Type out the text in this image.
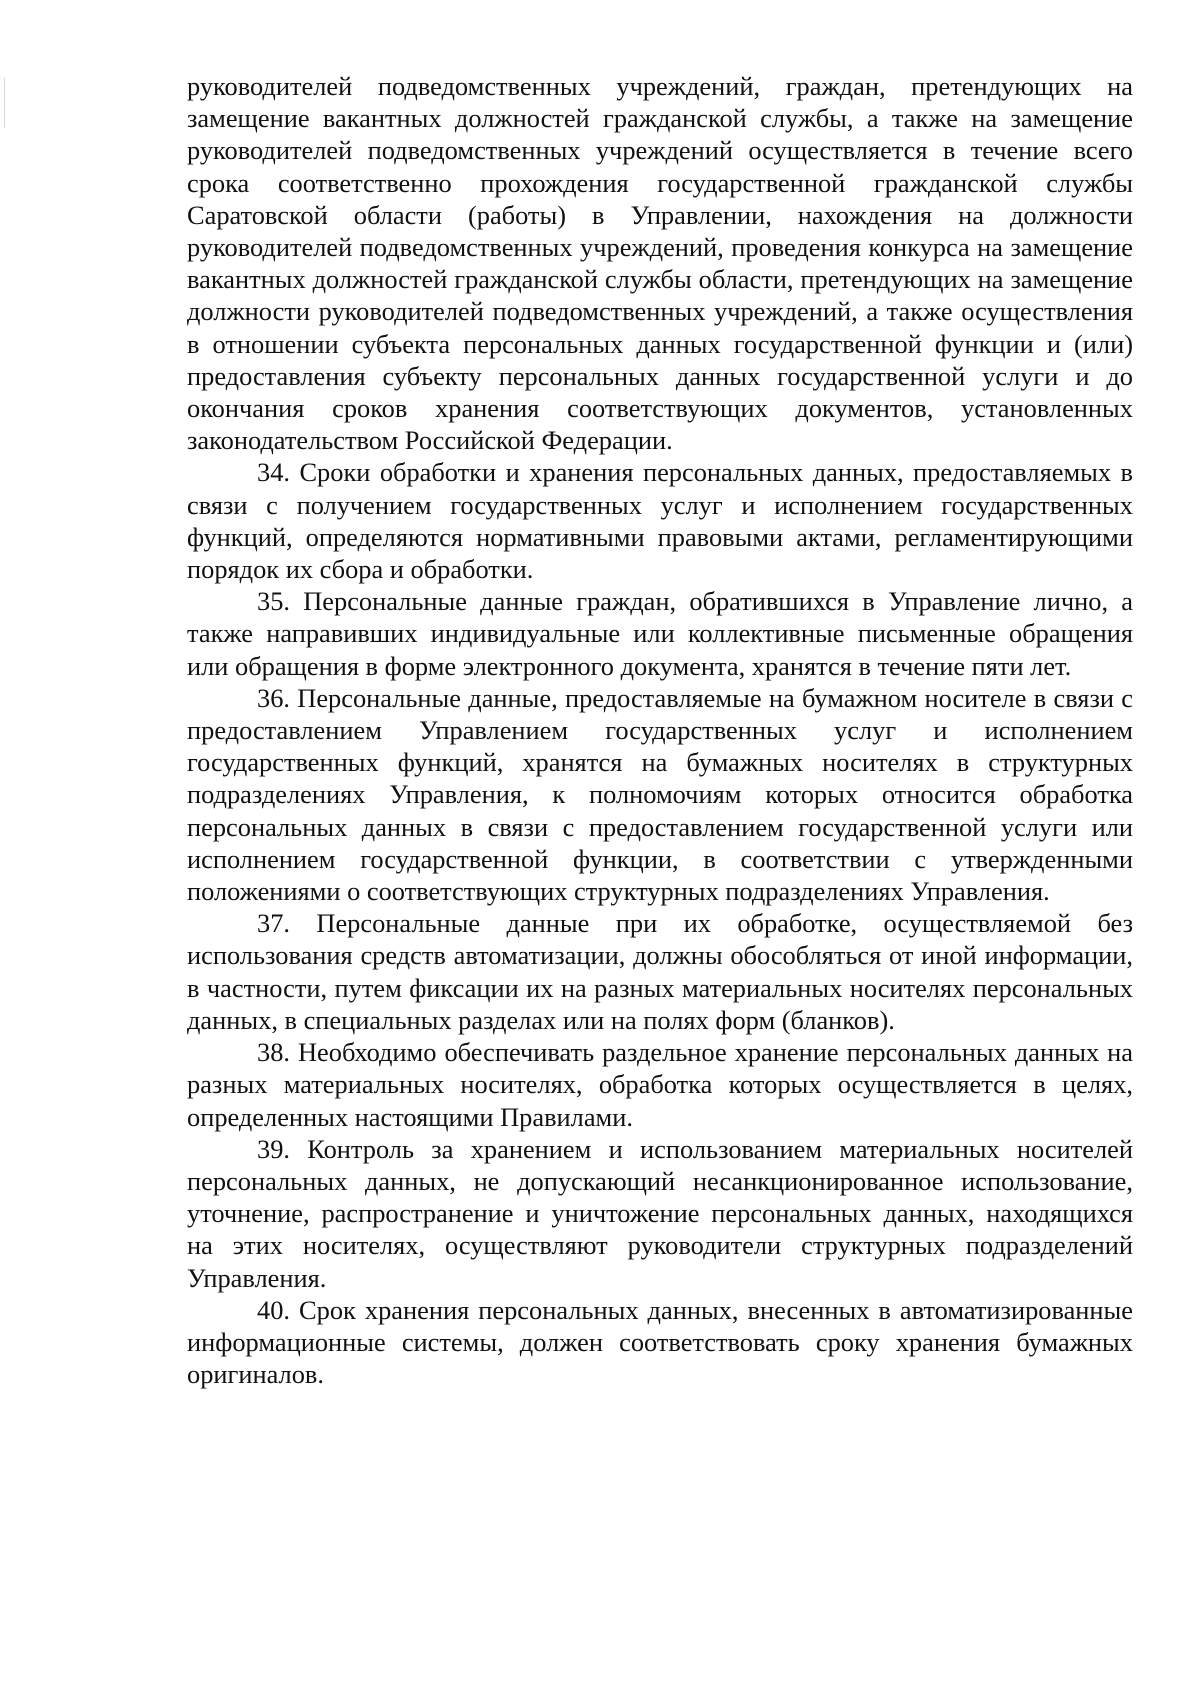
руководителей подведомственных учреждений, граждан, претендующих на замещение вакантных должностей гражданской службы, а также на замещение руководителей подведомственных учреждений осуществляется в течение всего срока соответственно прохождения государственной гражданской службы Саратовской области (работы) в Управлении, нахождения на должности руководителей подведомственных учреждений, проведения конкурса на замещение вакантных должностей гражданской службы области, претендующих на замещение должности руководителей подведомственных учреждений, а также осуществления в отношении субъекта персональных данных государственной функции и (или) предоставления субъекту персональных данных государственной услуги и до окончания сроков хранения соответствующих документов, установленных законодательством Российской Федерации.

34. Сроки обработки и хранения персональных данных, предоставляемых в связи с получением государственных услуг и исполнением государственных функций, определяются нормативными правовыми актами, регламентирующими порядок их сбора и обработки.

35. Персональные данные граждан, обратившихся в Управление лично, а также направивших индивидуальные или коллективные письменные обращения или обращения в форме электронного документа, хранятся в течение пяти лет.

36. Персональные данные, предоставляемые на бумажном носителе в связи с предоставлением Управлением государственных услуг и исполнением государственных функций, хранятся на бумажных носителях в структурных подразделениях Управления, к полномочиям которых относится обработка персональных данных в связи с предоставлением государственной услуги или исполнением государственной функции, в соответствии с утвержденными положениями о соответствующих структурных подразделениях Управления.

37. Персональные данные при их обработке, осуществляемой без использования средств автоматизации, должны обособляться от иной информации, в частности, путем фиксации их на разных материальных носителях персональных данных, в специальных разделах или на полях форм (бланков).

38. Необходимо обеспечивать раздельное хранение персональных данных на разных материальных носителях, обработка которых осуществляется в целях, определенных настоящими Правилами.

39. Контроль за хранением и использованием материальных носителей персональных данных, не допускающий несанкционированное использование, уточнение, распространение и уничтожение персональных данных, находящихся на этих носителях, осуществляют руководители структурных подразделений Управления.

40. Срок хранения персональных данных, внесенных в автоматизированные информационные системы, должен соответствовать сроку хранения бумажных оригиналов.
